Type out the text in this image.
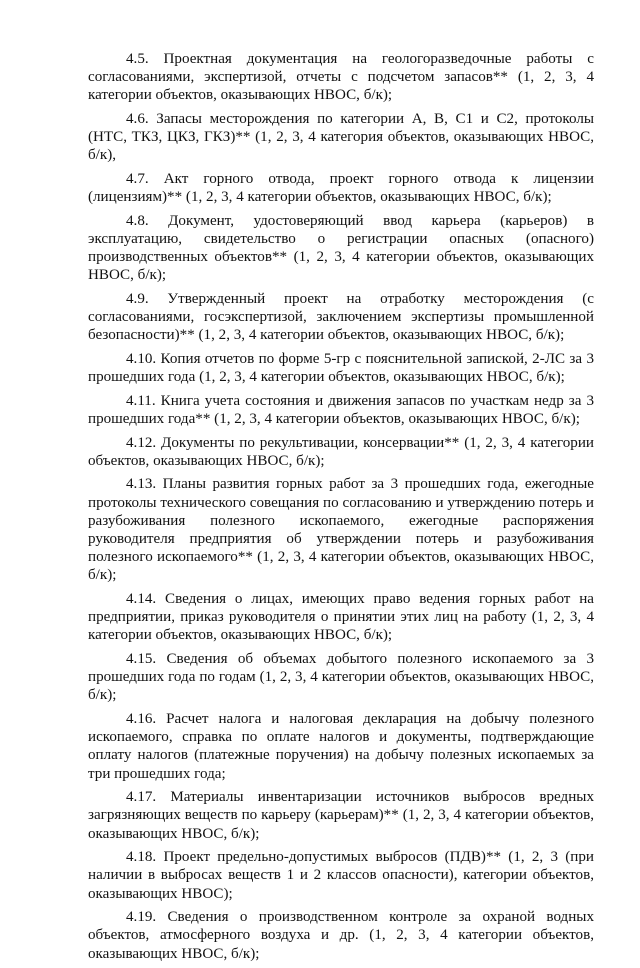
4.5. Проектная документация на геологоразведочные работы с согласованиями, экспертизой, отчеты с подсчетом запасов** (1, 2, 3, 4 категории объектов, оказывающих НВОС, б/к);

4.6. Запасы месторождения по категории А, В, С1 и С2, протоколы (НТС, ТКЗ, ЦКЗ, ГКЗ)** (1, 2, 3, 4 категория объектов, оказывающих НВОС, б/к),

4.7. Акт горного отвода, проект горного отвода к лицензии (лицензиям)** (1, 2, 3, 4 категории объектов, оказывающих НВОС, б/к);

4.8. Документ, удостоверяющий ввод карьера (карьеров) в эксплуатацию, свидетельство о регистрации опасных (опасного) производственных объектов** (1, 2, 3, 4 категории объектов, оказывающих НВОС, б/к);

4.9. Утвержденный проект на отработку месторождения (с согласованиями, госэкспертизой, заключением экспертизы промышленной безопасности)** (1, 2, 3, 4 категории объектов, оказывающих НВОС, б/к);

4.10. Копия отчетов по форме 5-гр с пояснительной запиской, 2-ЛС за 3 прошедших года (1, 2, 3, 4 категории объектов, оказывающих НВОС, б/к);

4.11. Книга учета состояния и движения запасов по участкам недр за 3 прошедших года** (1, 2, 3, 4 категории объектов, оказывающих НВОС, б/к);

4.12. Документы по рекультивации, консервации** (1, 2, 3, 4 категории объектов, оказывающих НВОС, б/к);

4.13. Планы развития горных работ за 3 прошедших года, ежегодные протоколы технического совещания по согласованию и утверждению потерь и разубоживания полезного ископаемого, ежегодные распоряжения руководителя предприятия об утверждении потерь и разубоживания полезного ископаемого** (1, 2, 3, 4 категории объектов, оказывающих НВОС, б/к);

4.14. Сведения о лицах, имеющих право ведения горных работ на предприятии, приказ руководителя о принятии этих лиц на работу (1, 2, 3, 4 категории объектов, оказывающих НВОС, б/к);

4.15. Сведения об объемах добытого полезного ископаемого за 3 прошедших года по годам (1, 2, 3, 4 категории объектов, оказывающих НВОС, б/к);

4.16. Расчет налога и налоговая декларация на добычу полезного ископаемого, справка по оплате налогов и документы, подтверждающие оплату налогов (платежные поручения) на добычу полезных ископаемых за три прошедших года;

4.17. Материалы инвентаризации источников выбросов вредных загрязняющих веществ по карьеру (карьерам)** (1, 2, 3, 4 категории объектов, оказывающих НВОС, б/к);

4.18. Проект предельно-допустимых выбросов (ПДВ)** (1, 2, 3 (при наличии в выбросах веществ 1 и 2 классов опасности), категории объектов, оказывающих НВОС);

4.19. Сведения о производственном контроле за охраной водных объектов, атмосферного воздуха и др. (1, 2, 3, 4 категории объектов, оказывающих НВОС, б/к);
